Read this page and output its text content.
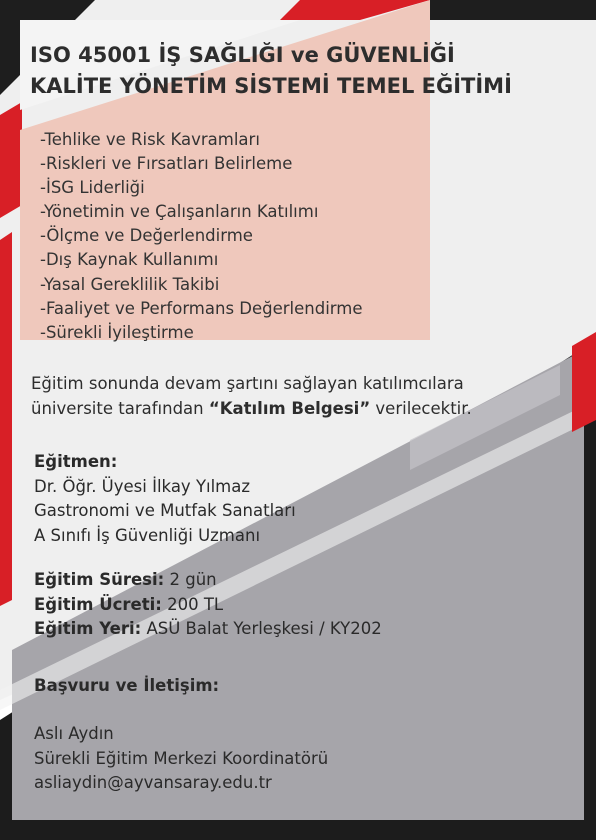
ISO 45001 İŞ SAĞLIĞI ve GÜVENLİĞİ
KALİTE YÖNETİM SİSTEMİ TEMEL EĞİTİMİ
-Tehlike ve Risk Kavramları
-Riskleri ve Fırsatları Belirleme
-İSG Liderliği
-Yönetimin ve Çalışanların Katılımı
-Ölçme ve Değerlendirme
-Dış Kaynak Kullanımı
-Yasal Gereklilik Takibi
-Faaliyet ve Performans Değerlendirme
-Sürekli İyileştirme
Eğitim sonunda devam şartını sağlayan katılımcılara
üniversite tarafından “Katılım Belgesi” verilecektir.
Eğitmen:
Dr. Öğr. Üyesi İlkay Yılmaz
Gastronomi ve Mutfak Sanatları
A Sınıfı İş Güvenliği Uzmanı
Eğitim Süresi: 2 gün
Eğitim Ücreti: 200 TL
Eğitim Yeri: ASÜ Balat Yerleşkesi / KY202
Başvuru ve İletişim:
Aslı Aydın
Sürekli Eğitim Merkezi Koordinatörü
asliaydin@ayvansaray.edu.tr
